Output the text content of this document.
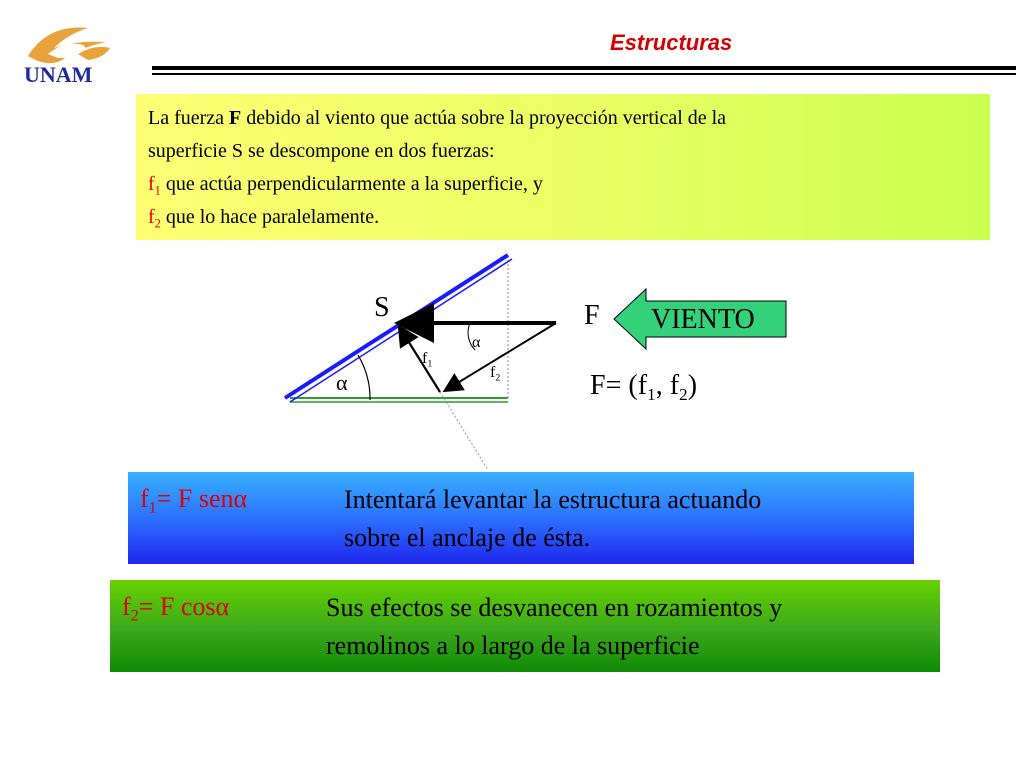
UNAM
Estructuras
La fuerza F debido al viento que actúa sobre la proyección vertical de la
superficie S se descompone en dos fuerzas:
$f_1$ que actúa perpendicularmente a la superficie, y
$f_2$ que lo hace paralelamente.
S	F
α
α
$f_1$
$f_2$
VIENTO
$F= (f_1$, $f_2$)
$f_1= F$ senα	Intentará levantar la estructura actuando
sobre el anclaje de ésta.
$f_2= F$ cosα	Sus efectos se desvanecen en rozamientos y
remolinos a lo largo de la superficie
